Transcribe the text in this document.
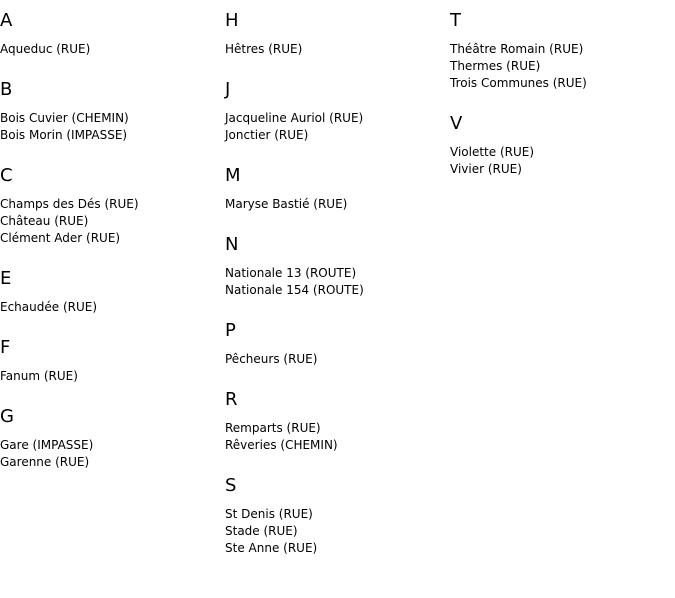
A
Aqueduc (RUE)
B
Bois Cuvier (CHEMIN)
Bois Morin (IMPASSE)
C
Champs des Dés (RUE)
Château (RUE)
Clément Ader (RUE)
E
Echaudée (RUE)
F
Fanum (RUE)
G
Gare (IMPASSE)
Garenne (RUE)
H
Hêtres (RUE)
J
Jacqueline Auriol (RUE)
Jonctier (RUE)
M
Maryse Bastié (RUE)
N
Nationale 13 (ROUTE)
Nationale 154 (ROUTE)
P
Pêcheurs (RUE)
R
Remparts (RUE)
Rêveries (CHEMIN)
S
St Denis (RUE)
Stade (RUE)
Ste Anne (RUE)
T
Théâtre Romain (RUE)
Thermes (RUE)
Trois Communes (RUE)
V
Violette (RUE)
Vivier (RUE)
